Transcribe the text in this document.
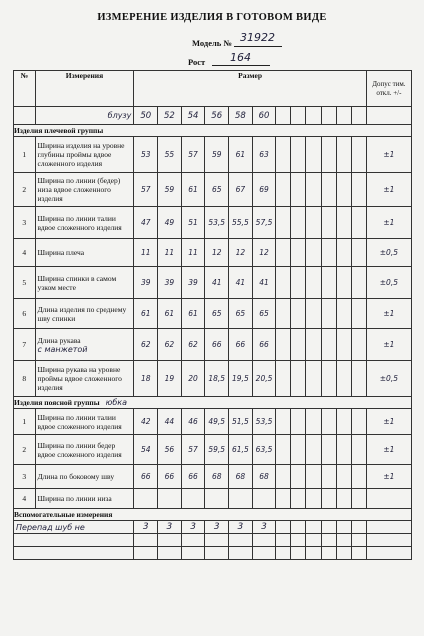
ИЗМЕРЕНИЕ ИЗДЕЛИЯ В ГОТОВОМ ВИДЕ
Модель № 31922
Рост 164
№	Измерения	Размер												Допус тим. откл. +/-
	блузу	50	52	54	56	58	60							
Изделия плечевой группы														
1	Ширина изделия на уровне глубины проймы вдвое сложенного изделия	53	55	57	59	61	63							±1
2	Ширина по линии (бедер) низа вдвое сложенного изделия	57	59	61	65	67	69							±1
3	Ширина по линии талии вдвое сложенного изделия	47	49	51	53,5	55,5	57,5							±1
4	Ширина плеча	11	11	11	12	12	12							±0,5
5	Ширина спинки в самом узком месте	39	39	39	41	41	41							±0,5
6	Длина изделия по среднему шву спинки	61	61	61	65	65	65							±1
7	Длина рукава
с манжетой	62	62	62	66	66	66							±1
8	Ширина рукава на уровне проймы вдвое сложенного изделия	18	19	20	18,5	19,5	20,5							±0,5
Изделия поясной группы юбка														
1	Ширина по линии талии вдвое сложенного изделия	42	44	46	49,5	51,5	53,5							±1
2	Ширина по линии бедер вдвое сложенного изделия	54	56	57	59,5	61,5	63,5							±1
3	Длина по боковому шву	66	66	66	68	68	68							±1
4	Ширина по линии низа													
Вспомогательные измерения														
Перепад шуб не		3	3	3	3	3	3							
